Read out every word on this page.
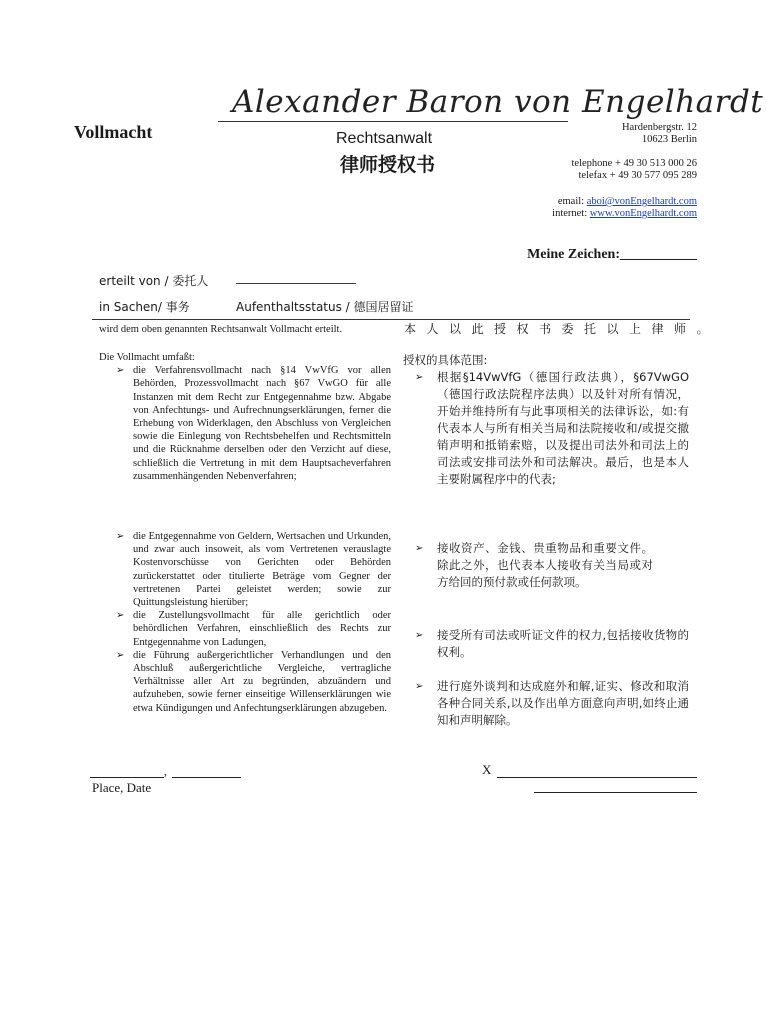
Vollmacht
Alexander Baron von Engelhardt
Rechtsanwalt
律师授权书
Hardenbergstr. 12
10623 Berlin
telephone + 49 30 513 000 26
telefax + 49 30 577 095 289
email: aboi@vonEngelhardt.com
internet: www.vonEngelhardt.com
Meine Zeichen:___________
erteilt von / 委托人 ____________________
in Sachen/ 事务	Aufenthaltsstatus / 德国居留证
wird dem oben genannten Rechtsanwalt Vollmacht erteilt.	本人以此授权书委托以上律师。
Die Vollmacht umfaßt:
➢ die Verfahrensvollmacht nach §14 VwVfG vor allen Behörden, Prozessvollmacht nach §67 VwGO für alle Instanzen mit dem Recht zur Entgegennahme bzw. Abgabe von Anfechtungs- und Aufrechnungserklärungen, ferner die Erhebung von Widerklagen, den Abschluss von Vergleichen sowie die Einlegung von Rechtsbehelfen und Rechtsmitteln und die Rücknahme derselben oder den Verzicht auf diese, schließlich die Vertretung in mit dem Hauptsacheverfahren zusammenhängenden Nebenverfahren;
授权的具体范围:
➢ 根据§14VwVfG（德国行政法典），§67VwGO（德国行政法院程序法典）以及针对所有情况，开始并维持所有与此事项相关的法律诉讼，如:有代表本人与所有相关当局和法院接收和/或提交撤销声明和抵销索赔，以及提出司法外和司法上的司法或安排司法外和司法解决。最后，也是本人主要附属程序中的代表;
➢ die Entgegennahme von Geldern, Wertsachen und Urkunden, und zwar auch insoweit, als vom Vertretenen verauslagte Kostenvorschüsse von Gerichten oder Behörden zurückerstattet oder titulierte Beträge vom Gegner der vertretenen Partei geleistet werden; sowie zur Quittungsleistung hierüber;
➢ die Zustellungsvollmacht für alle gerichtlich oder behördlichen Verfahren, einschließlich des Rechts zur Entgegennahme von Ladungen,
➢ die Führung außergerichtlicher Verhandlungen und den Abschluß außergerichtliche Vergleiche, vertragliche Verhältnisse aller Art zu begründen, abzuändern und aufzuheben, sowie ferner einseitige Willenserklärungen wie etwa Kündigungen und Anfechtungserklärungen abzugeben.
➢ 接收资产、金钱、贵重物品和重要文件。除此之外，也代表本人接收有关当局或对方给回的预付款或任何款项。
➢ 接受所有司法或听证文件的权力,包括接收货物的权利。
➢ 进行庭外谈判和达成庭外和解,证实、修改和取消各种合同关系,以及作出单方面意向声明,如终止通知和声明解除。
,
Place, Date
X
